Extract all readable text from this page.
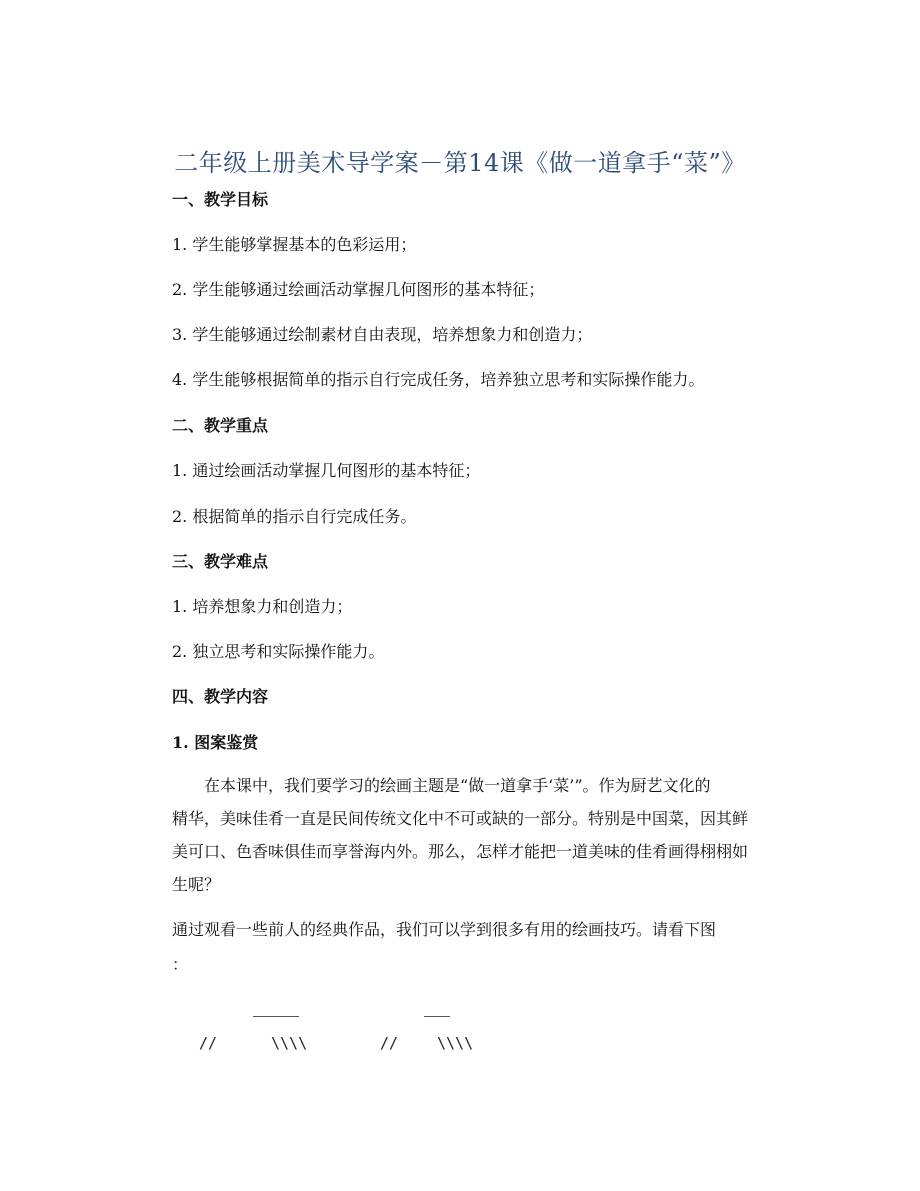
二年级上册美术导学案－第14课《做一道拿手“菜”》
一、教学目标
1. 学生能够掌握基本的色彩运用；
2. 学生能够通过绘画活动掌握几何图形的基本特征；
3. 学生能够通过绘制素材自由表现，培养想象力和创造力；
4. 学生能够根据简单的指示自行完成任务，培养独立思考和实际操作能力。
二、教学重点
1. 通过绘画活动掌握几何图形的基本特征；
2. 根据简单的指示自行完成任务。
三、教学难点
1. 培养想象力和创造力；
2. 独立思考和实际操作能力。
四、教学内容
1. 图案鉴赏
在本课中，我们要学习的绘画主题是“做一道拿手‘菜’”。作为厨艺文化的
精华，美味佳肴一直是民间传统文化中不可或缺的一部分。特别是中国菜，因其鲜
美可口、色香味俱佳而享誉海内外。那么，怎样才能把一道美味的佳肴画得栩栩如
生呢？
通过观看一些前人的经典作品，我们可以学到很多有用的绘画技巧。请看下图
：
//	\\\\	//	\\\\
